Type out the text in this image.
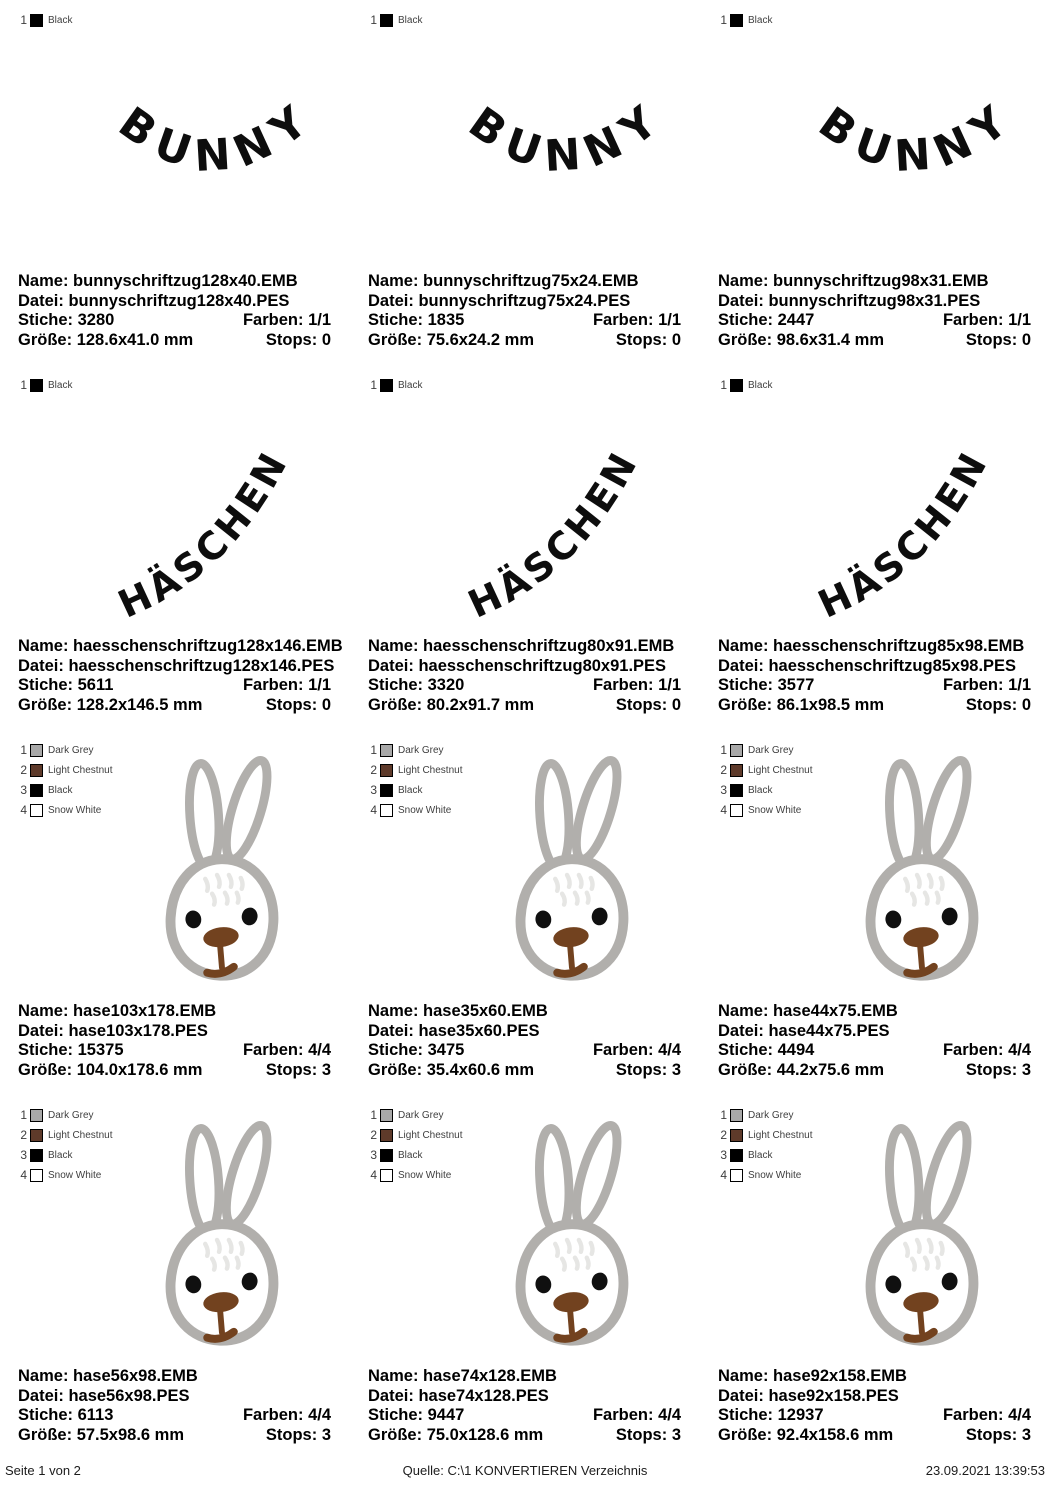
1 Black
Name: bunnyschriftzug128x40.EMB
Datei: bunnyschriftzug128x40.PES
Stiche: 3280	Farben: 1/1
Größe: 128.6x41.0 mm	Stops: 0
1 Black
Name: bunnyschriftzug75x24.EMB
Datei: bunnyschriftzug75x24.PES
Stiche: 1835	Farben: 1/1
Größe: 75.6x24.2 mm	Stops: 0
1 Black
Name: bunnyschriftzug98x31.EMB
Datei: bunnyschriftzug98x31.PES
Stiche: 2447	Farben: 1/1
Größe: 98.6x31.4 mm	Stops: 0
1 Black
Name: haesschenschriftzug128x146.EMB
Datei: haesschenschriftzug128x146.PES
Stiche: 5611	Farben: 1/1
Größe: 128.2x146.5 mm	Stops: 0
1 Black
Name: haesschenschriftzug80x91.EMB
Datei: haesschenschriftzug80x91.PES
Stiche: 3320	Farben: 1/1
Größe: 80.2x91.7 mm	Stops: 0
1 Black
Name: haesschenschriftzug85x98.EMB
Datei: haesschenschriftzug85x98.PES
Stiche: 3577	Farben: 1/1
Größe: 86.1x98.5 mm	Stops: 0
1 Dark Grey
2 Light Chestnut
3 Black
4 Snow White
Name: hase103x178.EMB
Datei: hase103x178.PES
Stiche: 15375	Farben: 4/4
Größe: 104.0x178.6 mm	Stops: 3
1 Dark Grey
2 Light Chestnut
3 Black
4 Snow White
Name: hase35x60.EMB
Datei: hase35x60.PES
Stiche: 3475	Farben: 4/4
Größe: 35.4x60.6 mm	Stops: 3
1 Dark Grey
2 Light Chestnut
3 Black
4 Snow White
Name: hase44x75.EMB
Datei: hase44x75.PES
Stiche: 4494	Farben: 4/4
Größe: 44.2x75.6 mm	Stops: 3
1 Dark Grey
2 Light Chestnut
3 Black
4 Snow White
Name: hase56x98.EMB
Datei: hase56x98.PES
Stiche: 6113	Farben: 4/4
Größe: 57.5x98.6 mm	Stops: 3
1 Dark Grey
2 Light Chestnut
3 Black
4 Snow White
Name: hase74x128.EMB
Datei: hase74x128.PES
Stiche: 9447	Farben: 4/4
Größe: 75.0x128.6 mm	Stops: 3
1 Dark Grey
2 Light Chestnut
3 Black
4 Snow White
Name: hase92x158.EMB
Datei: hase92x158.PES
Stiche: 12937	Farben: 4/4
Größe: 92.4x158.6 mm	Stops: 3
Seite 1 von 2	Quelle: C:\1 KONVERTIEREN Verzeichnis	23.09.2021 13:39:53
